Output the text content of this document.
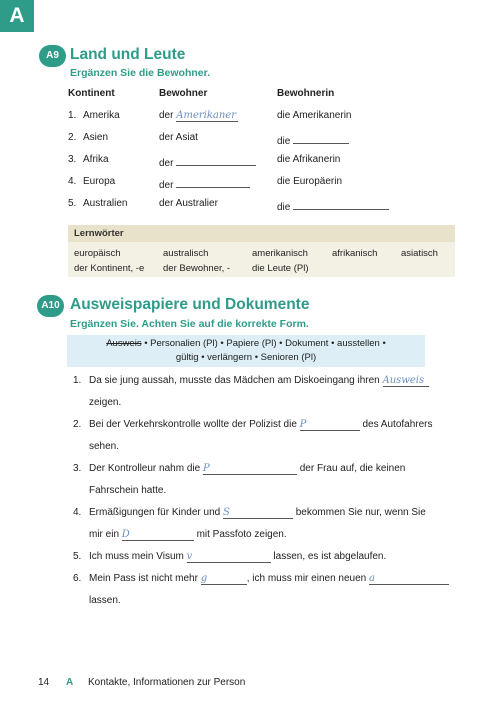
A
A9 Land und Leute
Ergänzen Sie die Bewohner.
Kontinent	Bewohner	Bewohnerin
1. Amerika	der Amerikaner	die Amerikanerin
2. Asien	der Asiat	die
3. Afrika	der	die Afrikanerin
4. Europa	der	die Europäerin
5. Australien	der Australier	die
Lernwörter
europäisch	australisch	amerikanisch	afrikanisch asiatisch
der Kontinent, -e der Bewohner, - die Leute (Pl)
A10 Ausweispapiere und Dokumente
Ergänzen Sie. Achten Sie auf die korrekte Form.
Ausweis • Personalien (Pl) • Papiere (Pl) • Dokument • ausstellen •
gültig • verlängern • Senioren (Pl)
1. Da sie jung aussah, musste das Mädchen am Diskoeingang ihren Ausweis
zeigen.
2. Bei der Verkehrskontrolle wollte der Polizist die P	des Autofahrers
sehen.
3. Der Kontrolleur nahm die P	der Frau auf, die keinen
Fahrschein hatte.
4. Ermäßigungen für Kinder und S	bekommen Sie nur, wenn Sie
mir ein D	mit Passfoto zeigen.
5. Ich muss mein Visum v	lassen, es ist abgelaufen.
6. Mein Pass ist nicht mehr g	, ich muss mir einen neuen a
lassen.
14 A Kontakte, Informationen zur Person
